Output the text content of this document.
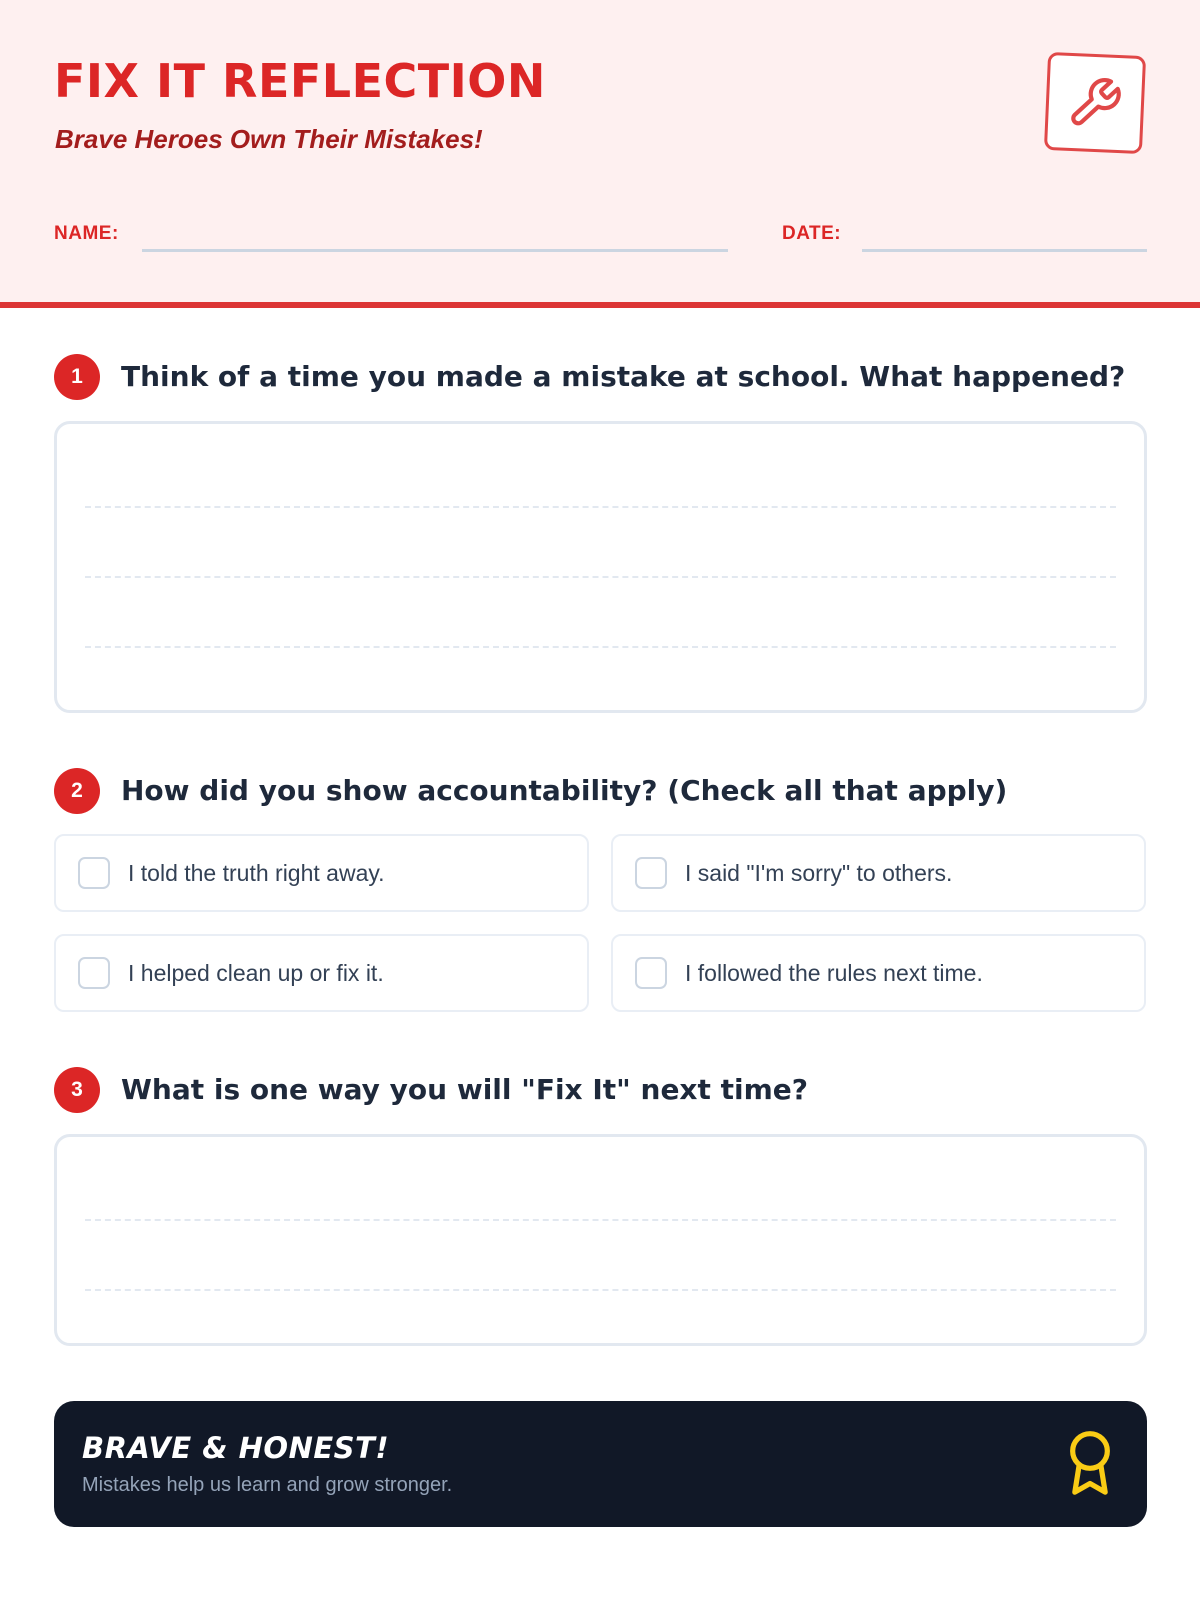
FIX IT REFLECTION
Brave Heroes Own Their Mistakes!
NAME:	DATE:
1	Think of a time you made a mistake at school. What happened?
2	How did you show accountability? (Check all that apply)
I told the truth right away.	I said "I'm sorry" to others.
I helped clean up or fix it.	I followed the rules next time.
3	What is one way you will "Fix It" next time?
BRAVE & HONEST!
Mistakes help us learn and grow stronger.
